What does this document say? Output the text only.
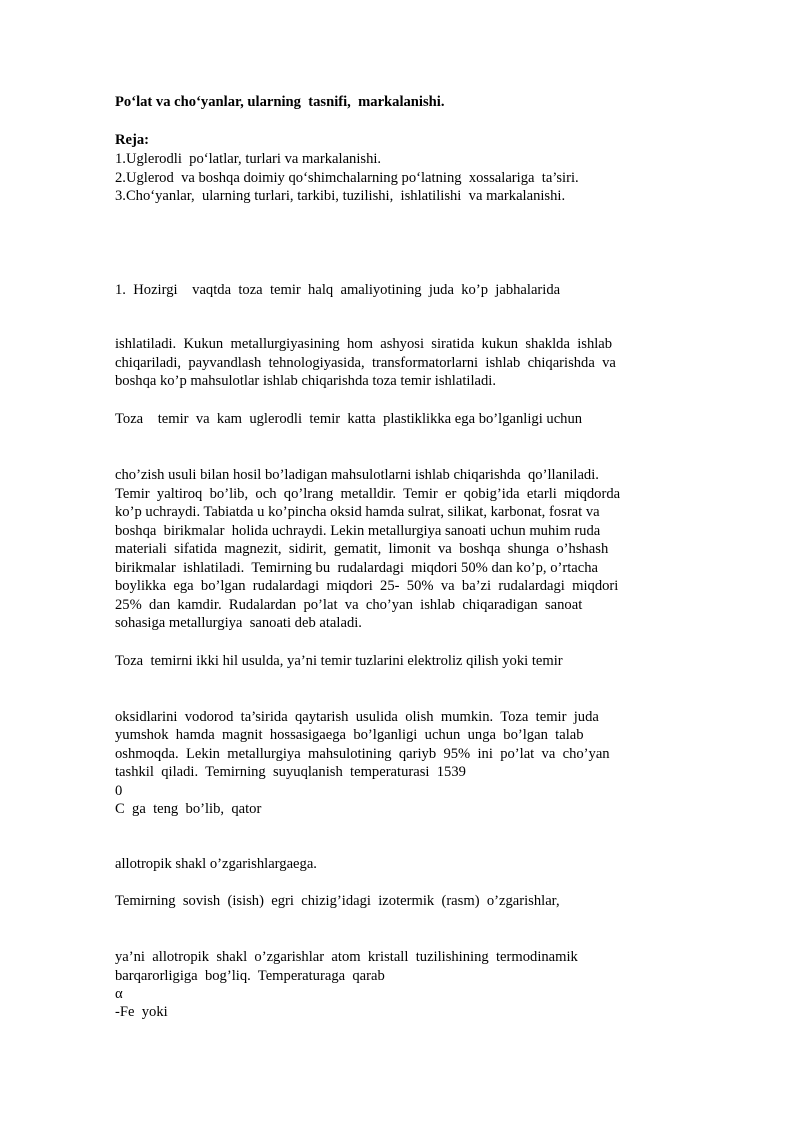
Po‘lat va cho‘yanlar, ularning  tasnifi,  markalanishi.
Reja:
1.Uglerodli  po‘latlar, turlari va markalanishi.
2.Uglerod  va boshqa doimiy qo‘shimchalarning po‘latning  xossalariga  ta’siri.
3.Cho‘yanlar,  ularning turlari, tarkibi, tuzilishi,  ishlatilishi  va markalanishi.
1.  Hozirgi    vaqtda  toza  temir  halq  amaliyotining  juda  ko’p  jabhalarida
ishlatiladi.  Kukun  metallurgiyasining  hom  ashyosi  siratida  kukun  shaklda  ishlab
chiqariladi,  payvandlash  tehnologiyasida,  transformatorlarni  ishlab  chiqarishda  va
boshqa ko’p mahsulotlar ishlab chiqarishda toza temir ishlatiladi.
Toza    temir  va  kam  uglerodli  temir  katta  plastiklikka ega bo’lganligi uchun
cho’zish usuli bilan hosil bo’ladigan mahsulotlarni ishlab chiqarishda  qo’llaniladi.
Temir  yaltiroq  bo’lib,  och  qo’lrang  metalldir.  Temir  er  qobig’ida  etarli  miqdorda
ko’p uchraydi. Tabiatda u ko’pincha oksid hamda sulrat, silikat, karbonat, fosrat va
boshqa  birikmalar  holida uchraydi. Lekin metallurgiya sanoati uchun muhim ruda
materiali  sifatida  magnezit,  sidirit,  gematit,  limonit  va  boshqa  shunga  o’hshash
birikmalar  ishlatiladi.  Temirning bu  rudalardagi  miqdori 50% dan ko’p, o’rtacha
boylikka  ega  bo’lgan  rudalardagi  miqdori  25-  50%  va  ba’zi  rudalardagi  miqdori
25%  dan  kamdir.  Rudalardan  po’lat  va  cho’yan  ishlab  chiqaradigan  sanoat
sohasiga metallurgiya  sanoati deb ataladi.
Toza  temirni ikki hil usulda, ya’ni temir tuzlarini elektroliz qilish yoki temir
oksidlarini  vodorod  ta’sirida  qaytarish  usulida  olish  mumkin.  Toza  temir  juda
yumshok  hamda  magnit  hossasigaega  bo’lganligi  uchun  unga  bo’lgan  talab
oshmoqda.  Lekin  metallurgiya  mahsulotining  qariyb  95%  ini  po’lat  va  cho’yan
tashkil  qiladi.  Temirning  suyuqlanish  temperaturasi  1539
0
C  ga  teng  bo’lib,  qator
allotropik shakl o’zgarishlargaega.
Temirning  sovish  (isish)  egri  chizig’idagi  izotermik  (rasm)  o’zgarishlar,
ya’ni  allotropik  shakl  o’zgarishlar  atom  kristall  tuzilishining  termodinamik
barqarorligiga  bog’liq.  Temperaturaga  qarab
α
-Fe  yoki
